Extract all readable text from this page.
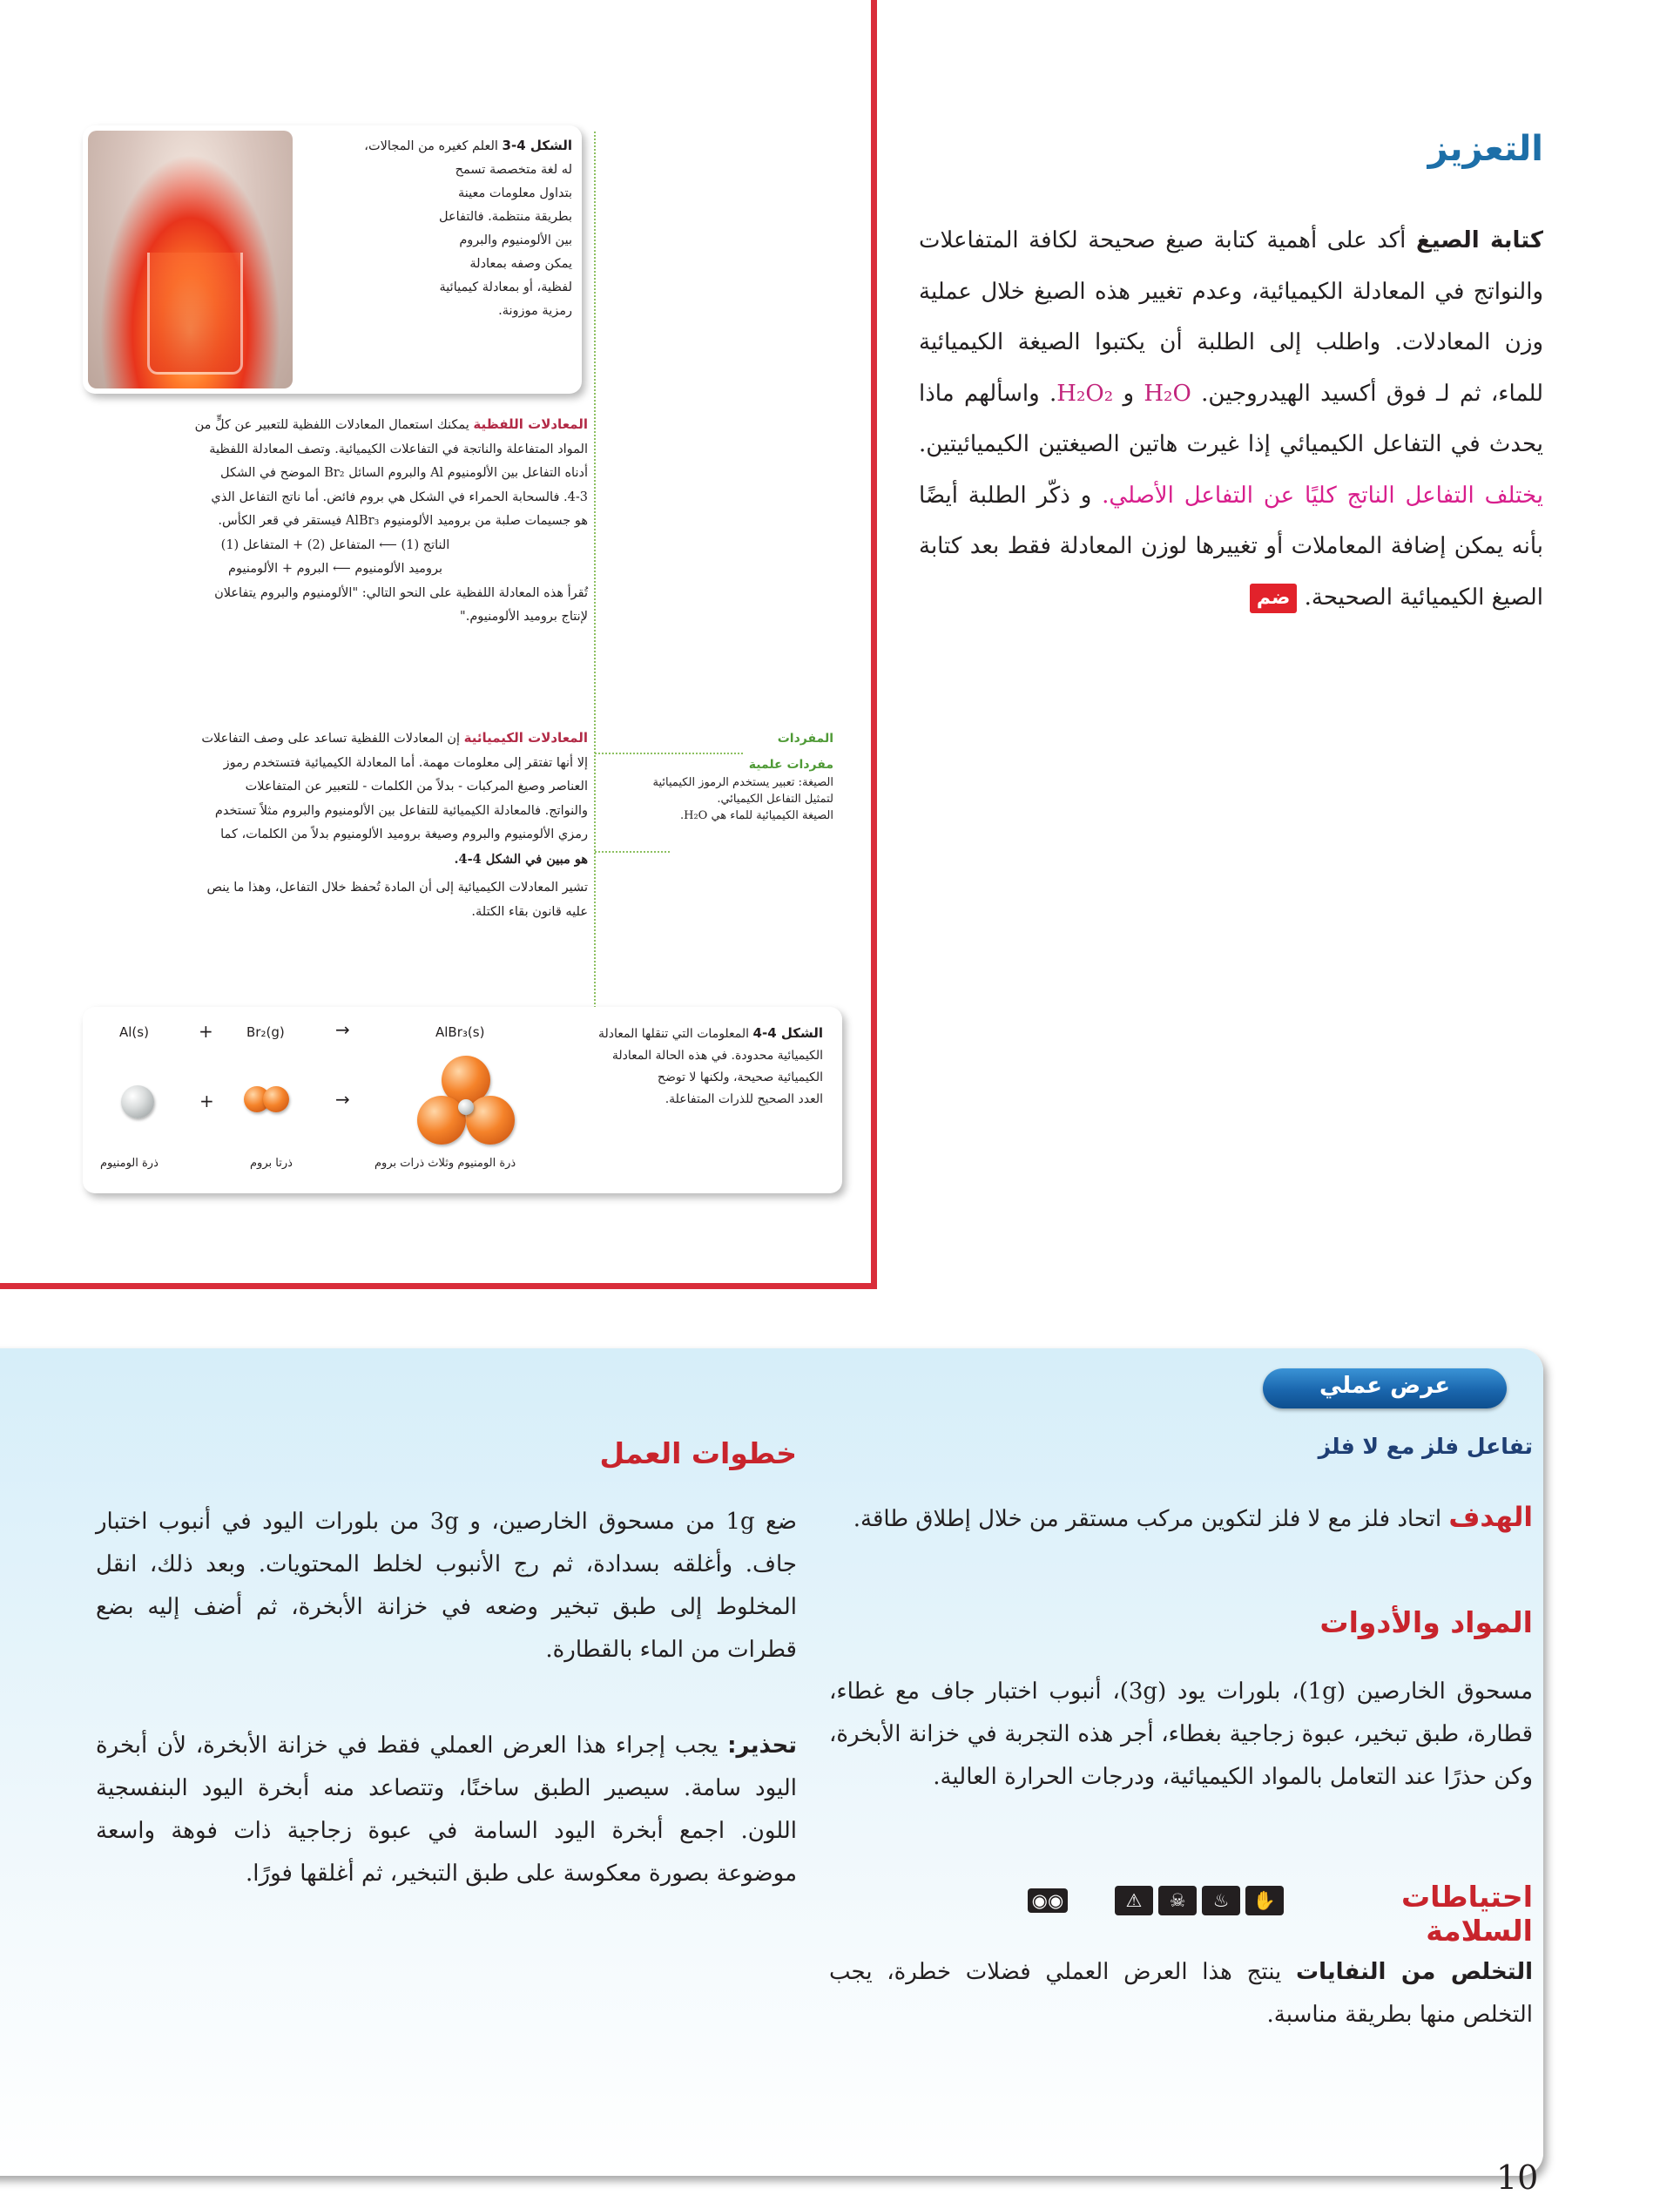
الشكل 4-3 العلم كغيره من المجالات،
له لغة متخصصة تسمح
بتداول معلومات معينة
بطريقة منتظمة. فالتفاعل
بين الألومنيوم والبروم
يمكن وصفه بمعادلة
لفظية، أو بمعادلة كيميائية
رمزية موزونة.
المعادلات اللفظية يمكنك استعمال المعادلات اللفظية للتعبير عن كلٍّ من
المواد المتفاعلة والناتجة في التفاعلات الكيميائية. وتصف المعادلة اللفظية
أدناه التفاعل بين الألومنيوم Al والبروم السائل Br₂ الموضح في الشكل
4-3. فالسحابة الحمراء في الشكل هي بروم فائض. أما ناتج التفاعل الذي
هو جسيمات صلبة من بروميد الألومنيوم AlBr₃ فيستقر في قعر الكأس.
الناتج (1) ⟵ المتفاعل (2) + المتفاعل (1)
بروميد الألومنيوم ⟵ البروم + الألومنيوم
تُقرأ هذه المعادلة اللفظية على النحو التالي: "الألومنيوم والبروم يتفاعلان
لإنتاج بروميد الألومنيوم."
المفردات
مفردات علمية
الصيغة: تعبير يستخدم الرموز الكيميائية
لتمثيل التفاعل الكيميائي.
الصيغة الكيميائية للماء هي H₂O.
المعادلات الكيميائية إن المعادلات اللفظية تساعد على وصف التفاعلات
إلا أنها تفتقر إلى معلومات مهمة. أما المعادلة الكيميائية فتستخدم رموز
العناصر وصيغ المركبات - بدلاً من الكلمات - للتعبير عن المتفاعلات
والنواتج. فالمعادلة الكيميائية للتفاعل بين الألومنيوم والبروم مثلاً تستخدم
رمزي الألومنيوم والبروم وصيغة بروميد الألومنيوم بدلاً من الكلمات، كما
هو مبين في الشكل 4-4.
تشير المعادلات الكيميائية إلى أن المادة تُحفظ خلال التفاعل، وهذا ما ينص
عليه قانون بقاء الكتلة.
الشكل 4-4 المعلومات التي تنقلها المعادلة
الكيميائية محدودة. في هذه الحالة المعادلة
الكيميائية صحيحة، ولكنها لا توضح
العدد الصحيح للذرات المتفاعلة.
Al(s)	+	Br₂(g)	→	AlBr₃(s)
+	→
ذرة الومنيوم	ذرتا بروم	ذرة الومنيوم وثلاث ذرات بروم
التعزيز
كتابة الصيغ أكد على أهمية كتابة صيغ صحيحة لكافة المتفاعلات والنواتج في المعادلة الكيميائية، وعدم تغيير هذه الصيغ خلال عملية وزن المعادلات. واطلب إلى الطلبة أن يكتبوا الصيغة الكيميائية للماء، ثم لـ فوق أكسيد الهيدروجين. H₂O و H₂O₂. واسألهم ماذا يحدث في التفاعل الكيميائي إذا غيرت هاتين الصيغتين الكيميائيتين. يختلف التفاعل الناتج كليًا عن التفاعل الأصلي. و ذكّر الطلبة أيضًا بأنه يمكن إضافة المعاملات أو تغييرها لوزن المعادلة فقط بعد كتابة الصيغ الكيميائية الصحيحة. ضم
عرض عملي
تفاعل فلز مع لا فلز
الهدف اتحاد فلز مع لا فلز لتكوين مركب مستقر من خلال إطلاق طاقة.
المواد والأدوات
مسحوق الخارصين (1g)، بلورات يود (3g)، أنبوب اختبار جاف مع غطاء، قطارة، طبق تبخير، عبوة زجاجية بغطاء، أجر هذه التجربة في خزانة الأبخرة، وكن حذرًا عند التعامل بالمواد الكيميائية، ودرجات الحرارة العالية.
احتياطات السلامة
✋
♨
☠
⚠
◉◉
التخلص من النفايات ينتج هذا العرض العملي فضلات خطرة، يجب التخلص منها بطريقة مناسبة.
خطوات العمل
ضع 1g من مسحوق الخارصين، و 3g من بلورات اليود في أنبوب اختبار جاف. وأغلقه بسدادة، ثم رج الأنبوب لخلط المحتويات. وبعد ذلك، انقل المخلوط إلى طبق تبخير وضعه في خزانة الأبخرة، ثم أضف إليه بضع قطرات من الماء بالقطارة.
تحذير: يجب إجراء هذا العرض العملي فقط في خزانة الأبخرة، لأن أبخرة اليود سامة. سيصير الطبق ساخنًا، وتتصاعد منه أبخرة اليود البنفسجية اللون. اجمع أبخرة اليود السامة في عبوة زجاجية ذات فوهة واسعة موضوعة بصورة معكوسة على طبق التبخير، ثم أغلقها فورًا.
10
